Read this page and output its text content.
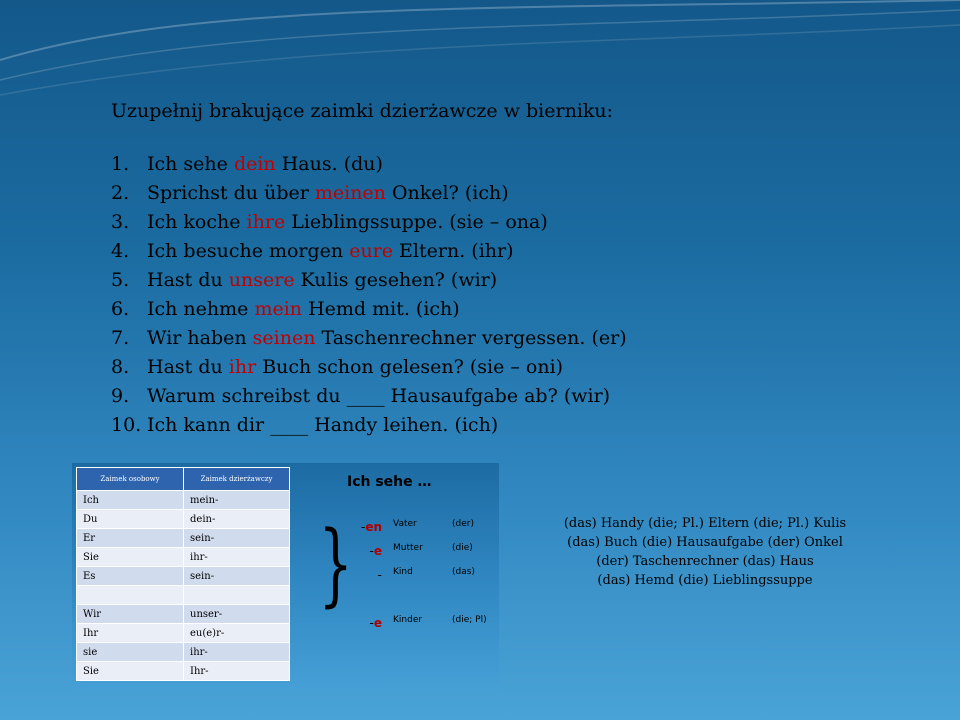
Uzupełnij brakujące zaimki dzierżawcze w bierniku:
1. Ich sehe dein Haus. (du)
2. Sprichst du über meinen Onkel? (ich)
3. Ich koche ihre Lieblingssuppe. (sie – ona)
4. Ich besuche morgen eure Eltern. (ihr)
5. Hast du unsere Kulis gesehen? (wir)
6. Ich nehme mein Hemd mit. (ich)
7. Wir haben seinen Taschenrechner vergessen. (er)
8. Hast du ihr Buch schon gelesen? (sie – oni)
9. Warum schreibst du ____ Hausaufgabe ab? (wir)
10. Ich kann dir ____ Handy leihen. (ich)
Zaimek osobowy	Zaimek dzierżawczy
Ich	mein-
Du	dein-
Er	sein-
Sie	ihr-
Es	sein-

Wir	unser-
Ihr	eu(e)r-
sie	ihr-
Sie	Ihr-

Ich sehe …

} -en Vater	(der)
-e Mutter	(die)
- Kind	(das)
-e Kinder	(die; Pl)
(das) Handy (die; Pl.) Eltern (die; Pl.) Kulis
(das) Buch (die) Hausaufgabe (der) Onkel
(der) Taschenrechner (das) Haus
(das) Hemd (die) Lieblingssuppe
